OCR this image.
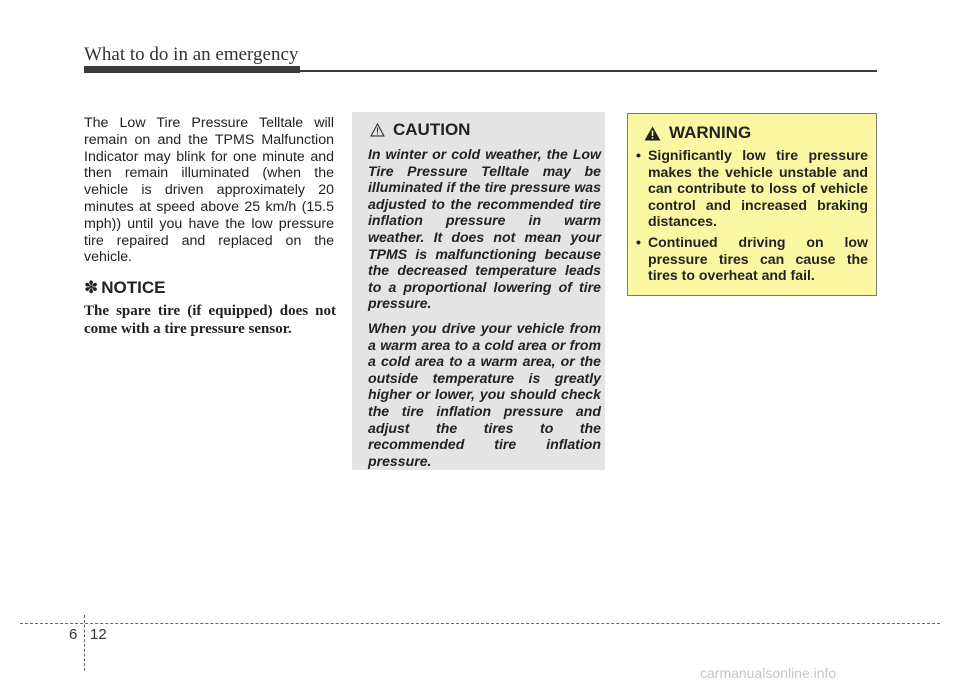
What to do in an emergency

The Low Tire Pressure Telltale will remain on and the TPMS Malfunction Indicator may blink for one minute and then remain illuminated (when the vehicle is driven approximately 20 minutes at speed above 25 km/h (15.5 mph)) until you have the low pressure tire repaired and replaced on the vehicle.

✽ NOTICE

The spare tire (if equipped) does not come with a tire pressure sensor.

CAUTION

In winter or cold weather, the Low Tire Pressure Telltale may be illuminated if the tire pressure was adjusted to the recommended tire inflation pressure in warm weather. It does not mean your TPMS is malfunctioning because the decreased temperature leads to a proportional lowering of tire pressure.

When you drive your vehicle from a warm area to a cold area or from a cold area to a warm area, or the outside temperature is greatly higher or lower, you should check the tire inflation pressure and adjust the tires to the recommended tire inflation pressure.

WARNING
• Significantly low tire pressure makes the vehicle unstable and can contribute to loss of vehicle control and increased braking distances.
• Continued driving on low pressure tires can cause the tires to overheat and fail.
6 12
carmanualsonline.info
